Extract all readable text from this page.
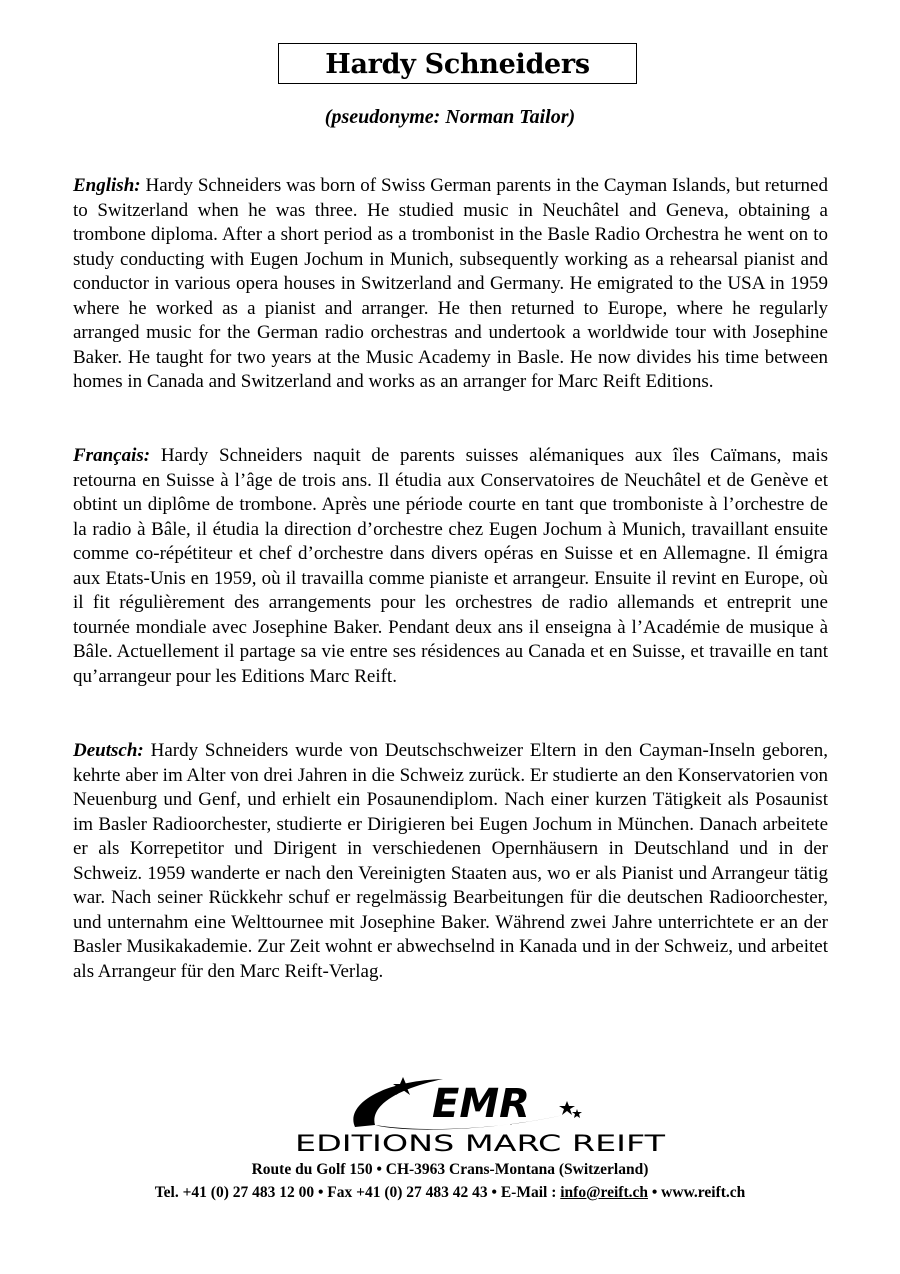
Hardy Schneiders
(pseudonyme: Norman Tailor)

English: Hardy Schneiders was born of Swiss German parents in the Cayman Islands, but returned to Switzerland when he was three. He studied music in Neuchâtel and Geneva, obtaining a trombone diploma. After a short period as a trombonist in the Basle Radio Orchestra he went on to study conducting with Eugen Jochum in Munich, subsequently working as a rehearsal pianist and conductor in various opera houses in Switzerland and Germany. He emigrated to the USA in 1959 where he worked as a pianist and arranger. He then returned to Europe, where he regularly arranged music for the German radio orchestras and undertook a worldwide tour with Josephine Baker. He taught for two years at the Music Academy in Basle. He now divides his time between homes in Canada and Switzerland and works as an arranger for Marc Reift Editions.

Français: Hardy Schneiders naquit de parents suisses alémaniques aux îles Caïmans, mais retourna en Suisse à l’âge de trois ans. Il étudia aux Conservatoires de Neuchâtel et de Genève et obtint un diplôme de trombone. Après une période courte en tant que tromboniste à l’orchestre de la radio à Bâle, il étudia la direction d’orchestre chez Eugen Jochum à Munich, travaillant ensuite comme co-répétiteur et chef d’orchestre dans divers opéras en Suisse et en Allemagne. Il émigra aux Etats-Unis en 1959, où il travailla comme pianiste et arrangeur. Ensuite il revint en Europe, où il fit régulièrement des arrangements pour les orchestres de radio allemands et entreprit une tournée mondiale avec Josephine Baker. Pendant deux ans il enseigna à l’Académie de musique à Bâle. Actuellement il partage sa vie entre ses résidences au Canada et en Suisse, et travaille en tant qu’arrangeur pour les Editions Marc Reift.

Deutsch: Hardy Schneiders wurde von Deutschschweizer Eltern in den Cayman-Inseln geboren, kehrte aber im Alter von drei Jahren in die Schweiz zurück. Er studierte an den Konservatorien von Neuenburg und Genf, und erhielt ein Posaunendiplom. Nach einer kurzen Tätigkeit als Posaunist im Basler Radioorchester, studierte er Dirigieren bei Eugen Jochum in München. Danach arbeitete er als Korrepetitor und Dirigent in verschiedenen Opernhäusern in Deutschland und in der Schweiz. 1959 wanderte er nach den Vereinigten Staaten aus, wo er als Pianist und Arrangeur tätig war. Nach seiner Rückkehr schuf er regelmässig Bearbeitungen für die deutschen Radioorchester, und unternahm eine Welttournee mit Josephine Baker. Während zwei Jahre unterrichtete er an der Basler Musikakademie. Zur Zeit wohnt er abwechselnd in Kanada und in der Schweiz, und arbeitet als Arrangeur für den Marc Reift-Verlag.

EMR
EDITIONS MARC REIFT
Route du Golf 150 • CH-3963 Crans-Montana (Switzerland)
Tel. +41 (0) 27 483 12 00 • Fax +41 (0) 27 483 42 43 • E-Mail : info@reift.ch • www.reift.ch
